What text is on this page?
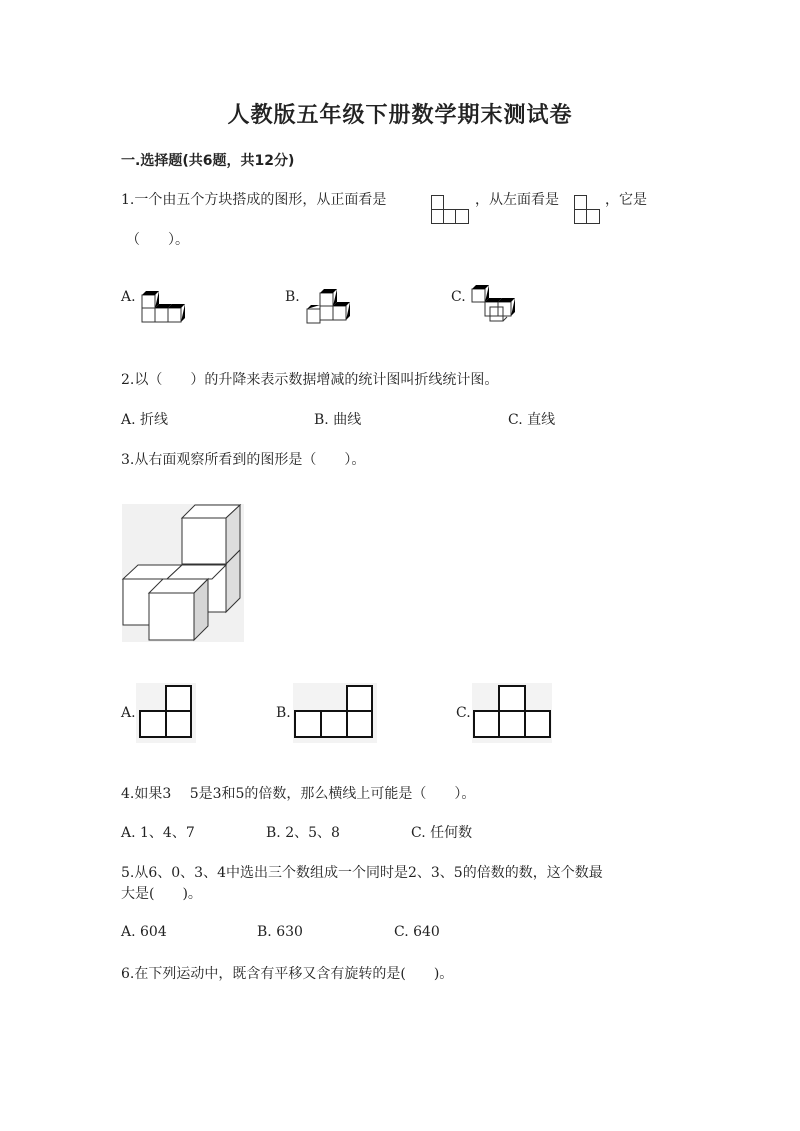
人教版五年级下册数学期末测试卷
一.选择题(共6题，共12分)
1.一个由五个方块搭成的图形，从正面看是	，从左面看是	，它是
（　　）。
A.	B.	C.
2.以（　　）的升降来表示数据增减的统计图叫折线统计图。
A. 折线	B. 曲线	C. 直线
3.从右面观察所看到的图形是（　　）。
A.	B.	C.
4.如果3　 5是3和5的倍数，那么横线上可能是（　　）。
A. 1、4、7	B. 2、5、8	C. 任何数
5.从6、0、3、4中选出三个数组成一个同时是2、3、5的倍数的数，这个数最
大是(　　)。
A. 604	B. 630	C. 640
6.在下列运动中，既含有平移又含有旋转的是(　　)。
